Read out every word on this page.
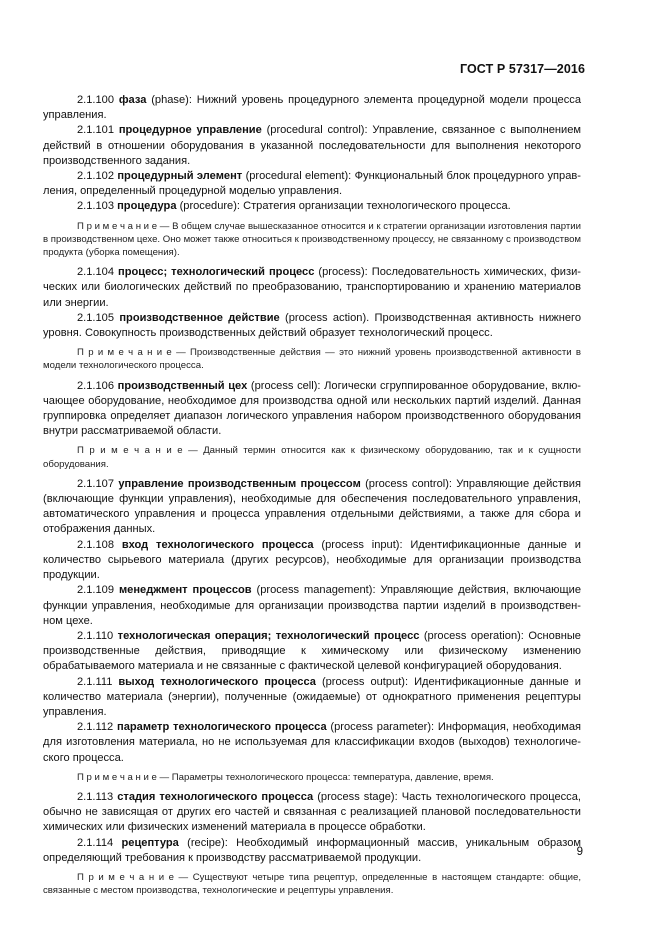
ГОСТ Р 57317—2016

2.1.100 фаза (phase): Нижний уровень процедурного элемента процедурной модели процесса управления.

2.1.101 процедурное управление (procedural control): Управление, связанное с выполнением действий в отношении оборудования в указанной последовательности для выполнения некоторого производственного задания.

2.1.102 процедурный элемент (procedural element): Функциональный блок процедурного управления, определенный процедурной моделью управления.

2.1.103 процедура (procedure): Стратегия организации технологического процесса.

П р и м е ч а н и е — В общем случае вышесказанное относится и к стратегии организации изготовления партии в производственном цехе. Оно может также относиться к производственному процессу, не связанному с производством продукта (уборка помещения).

2.1.104 процесс; технологический процесс (process): Последовательность химических, физических или биологических действий по преобразованию, транспортированию и хранению материалов или энергии.

2.1.105 производственное действие (process action). Производственная активность нижнего уровня. Совокупность производственных действий образует технологический процесс.

П р и м е ч а н и е — Производственные действия — это нижний уровень производственной активности в модели технологического процесса.

2.1.106 производственный цех (process cell): Логически сгруппированное оборудование, включающее оборудование, необходимое для производства одной или нескольких партий изделий. Данная группировка определяет диапазон логического управления набором производственного оборудования внутри рассматриваемой области.

П р и м е ч а н и е — Данный термин относится как к физическому оборудованию, так и к сущности оборудования.

2.1.107 управление производственным процессом (process control): Управляющие действия (включающие функции управления), необходимые для обеспечения последовательного управления, автоматического управления и процесса управления отдельными действиями, а также для сбора и отображения данных.

2.1.108 вход технологического процесса (process input): Идентификационные данные и количество сырьевого материала (других ресурсов), необходимые для организации производства продукции.

2.1.109 менеджмент процессов (process management): Управляющие действия, включающие функции управления, необходимые для организации производства партии изделий в производственном цехе.

2.1.110 технологическая операция; технологический процесс (process operation): Основные производственные действия, приводящие к химическому или физическому изменению обрабатываемого материала и не связанные с фактической целевой конфигурацией оборудования.

2.1.111 выход технологического процесса (process output): Идентификационные данные и количество материала (энергии), полученные (ожидаемые) от однократного применения рецептуры управления.

2.1.112 параметр технологического процесса (process parameter): Информация, необходимая для изготовления материала, но не используемая для классификации входов (выходов) технологического процесса.

П р и м е ч а н и е — Параметры технологического процесса: температура, давление, время.

2.1.113 стадия технологического процесса (process stage): Часть технологического процесса, обычно не зависящая от других его частей и связанная с реализацией плановой последовательности химических или физических изменений материала в процессе обработки.

2.1.114 рецептура (recipe): Необходимый информационный массив, уникальным образом определяющий требования к производству рассматриваемой продукции.

П р и м е ч а н и е — Существуют четыре типа рецептур, определенные в настоящем стандарте: общие, связанные с местом производства, технологические и рецептуры управления.

9
